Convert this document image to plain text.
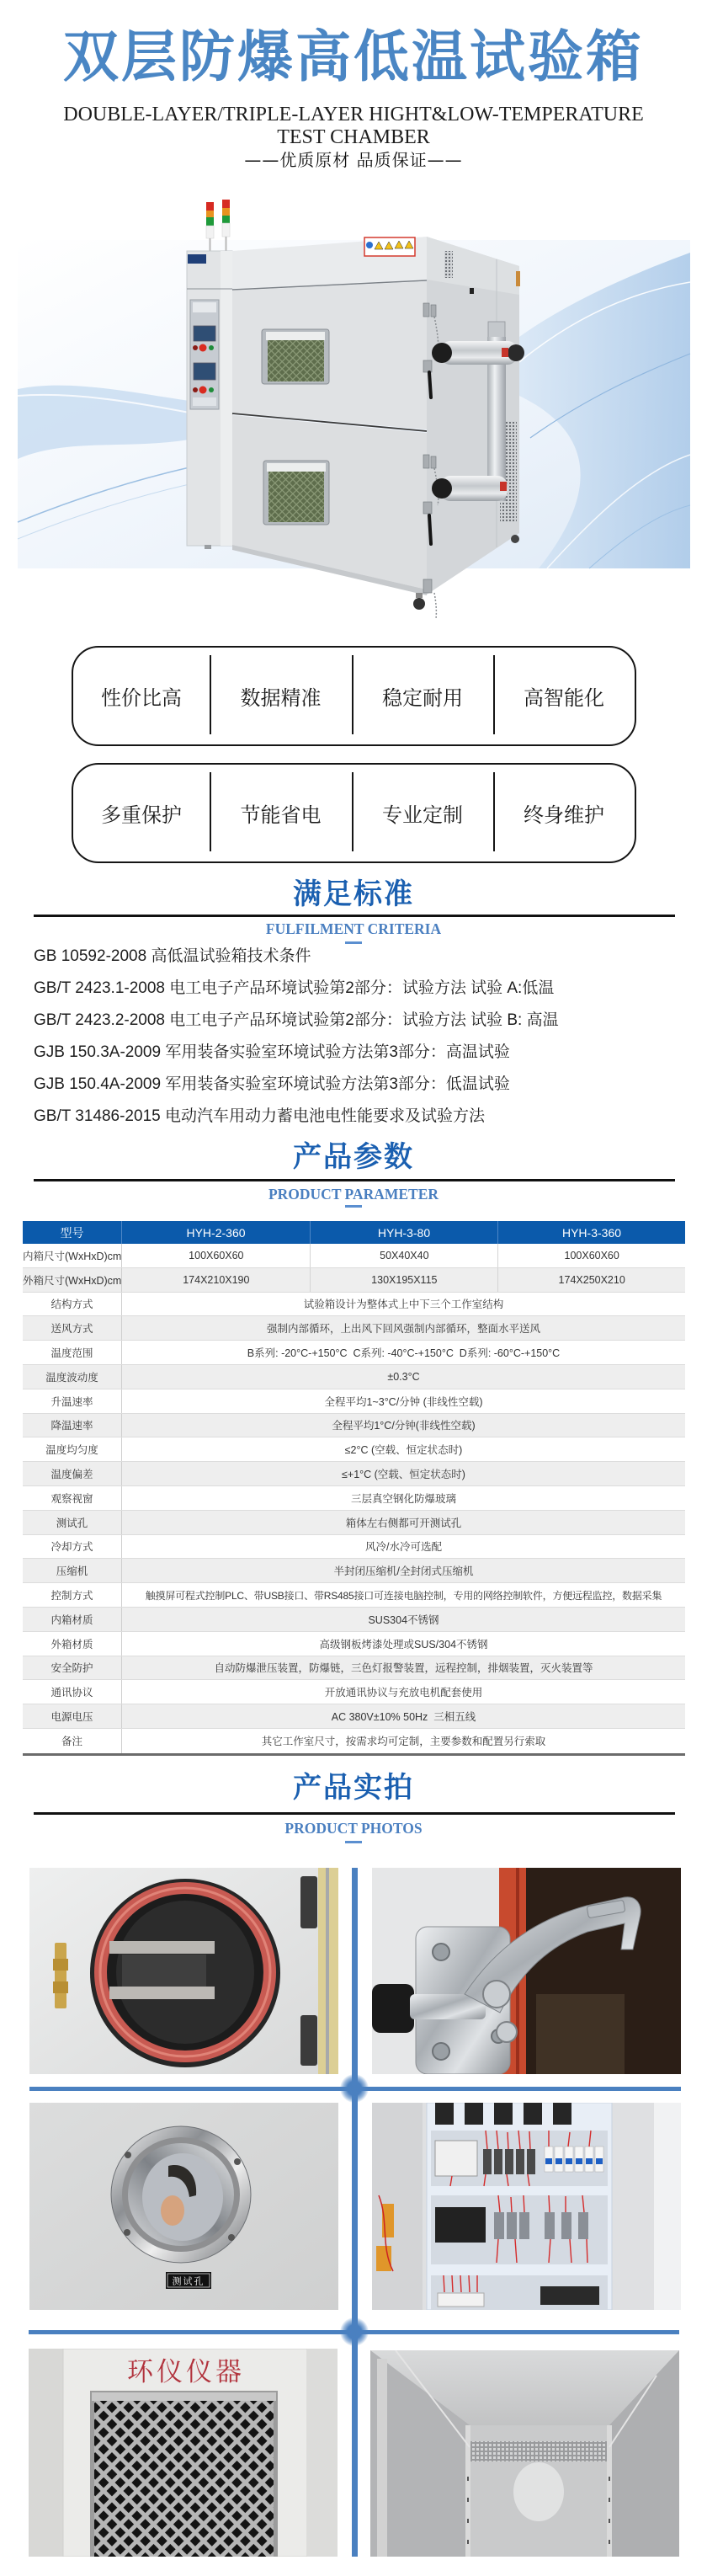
双层防爆高低温试验箱
DOUBLE-LAYER/TRIPLE-LAYER HIGHT&LOW-TEMPERATURE
TEST CHAMBER
——优质原材 品质保证——
性价比高	数据精准	稳定耐用	高智能化
多重保护	节能省电	专业定制	终身维护
满足标准
FULFILMENT CRITERIA
GB 10592-2008 高低温试验箱技术条件
GB/T 2423.1-2008 电工电子产品环境试验第2部分：试验方法 试验 A:低温
GB/T 2423.2-2008 电工电子产品环境试验第2部分：试验方法 试验 B: 高温
GJB 150.3A-2009 军用装备实验室环境试验方法第3部分：高温试验
GJB 150.4A-2009 军用装备实验室环境试验方法第3部分：低温试验
GB/T 31486-2015 电动汽车用动力蓄电池电性能要求及试验方法
产品参数
PRODUCT PARAMETER
型号	HYH-2-360	HYH-3-80	HYH-3-360
内箱尺寸(WxHxD)cm	100X60X60	50X40X40	100X60X60
外箱尺寸(WxHxD)cm	174X210X190	130X195X115	174X250X210
结构方式	试验箱设计为整体式上中下三个工作室结构
送风方式	强制内部循环，上出风下回风强制内部循环，整面水平送风
温度范围	B系列: -20°C-+150°C  C系列: -40°C-+150°C  D系列: -60°C-+150°C
温度波动度	±0.3°C
升温速率	全程平均1~3°C/分钟 (非线性空载)
降温速率	全程平均1°C/分钟(非线性空载)
温度均匀度	≤2°C (空载、恒定状态时)
温度偏差	≤+1°C (空载、恒定状态时)
观察视窗	三层真空钢化防爆玻璃
测试孔	箱体左右侧都可开测试孔
冷却方式	风冷/水冷可选配
压缩机	半封闭压缩机/全封闭式压缩机
控制方式	触摸屏可程式控制PLC、带USB接口、带RS485接口可连接电脑控制，专用的网络控制软件，方便远程监控，数据采集
内箱材质	SUS304不锈钢
外箱材质	高级钢板烤漆处理或SUS/304不锈钢
安全防护	自动防爆泄压装置，防爆链，三色灯报警装置，远程控制，排烟装置，灭火装置等
通讯协议	开放通讯协议与充放电机配套使用
电源电压	AC 380V±10% 50Hz  三相五线
备注	其它工作室尺寸，按需求均可定制，主要参数和配置另行索取
产品实拍
PRODUCT PHOTOS
测试孔
环仪仪器
